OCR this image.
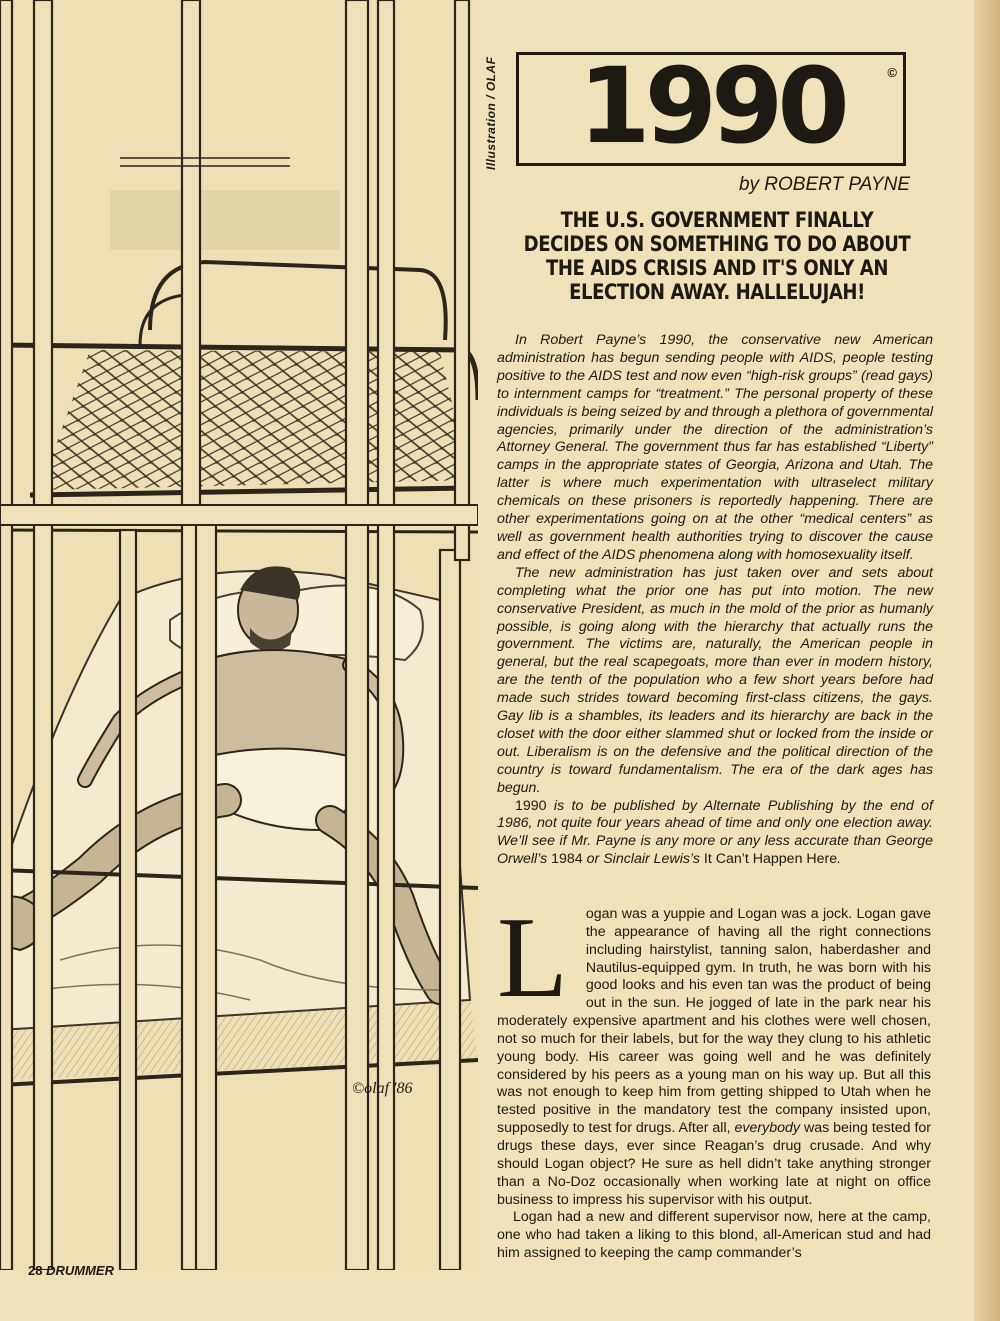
©olaf '86
Illustration / OLAF 1990	©
by ROBERT PAYNE
THE U.S. GOVERNMENT FINALLY DECIDES ON SOMETHING TO DO ABOUT THE AIDS CRISIS AND IT'S ONLY AN ELECTION AWAY. HALLELUJAH!

In Robert Payne’s 1990, the conservative new American administration has begun sending people with AIDS, people testing positive to the AIDS test and now even “high-risk groups” (read gays) to internment camps for “treatment.” The personal property of these individuals is being seized by and through a plethora of governmental agencies, primarily under the direction of the administration’s Attorney General. The government thus far has established “Liberty” camps in the appropriate states of Georgia, Arizona and Utah. The latter is where much experimentation with ultraselect military chemicals on these prisoners is reportedly happening. There are other experimentations going on at the other “medical centers” as well as government health authorities trying to discover the cause and effect of the AIDS phenomena along with homosexuality itself.

The new administration has just taken over and sets about completing what the prior one has put into motion. The new conservative President, as much in the mold of the prior as humanly possible, is going along with the hierarchy that actually runs the government. The victims are, naturally, the American people in general, but the real scapegoats, more than ever in modern history, are the tenth of the population who a few short years before had made such strides toward becoming first-class citizens, the gays. Gay lib is a shambles, its leaders and its hierarchy are back in the closet with the door either slammed shut or locked from the inside or out. Liberalism is on the defensive and the political direction of the country is toward fundamentalism. The era of the dark ages has begun.

1990 is to be published by Alternate Publishing by the end of 1986, not quite four years ahead of time and only one election away. We’ll see if Mr. Payne is any more or any less accurate than George Orwell’s 1984 or Sinclair Lewis’s It Can’t Happen Here.

L ogan was a yuppie and Logan was a jock. Logan gave the appearance of having all the right connections including hairstylist, tanning salon, haberdasher and Nautilus-equipped gym. In truth, he was born with his good looks and his even tan was the product of being out in the sun. He jogged of late in the park near his moderately expensive apartment and his clothes were well chosen, not so much for their labels, but for the way they clung to his athletic young body. His career was going well and he was definitely considered by his peers as a young man on his way up. But all this was not enough to keep him from getting shipped to Utah when he tested positive in the mandatory test the company insisted upon, supposedly to test for drugs. After all, everybody was being tested for drugs these days, ever since Reagan’s drug crusade. And why should Logan object? He sure as hell didn’t take anything stronger than a No-Doz occasionally when working late at night on office business to impress his supervisor with his output.

Logan had a new and different supervisor now, here at the camp, one who had taken a liking to this blond, all-American stud and had him assigned to keeping the camp commander’s

28 DRUMMER
